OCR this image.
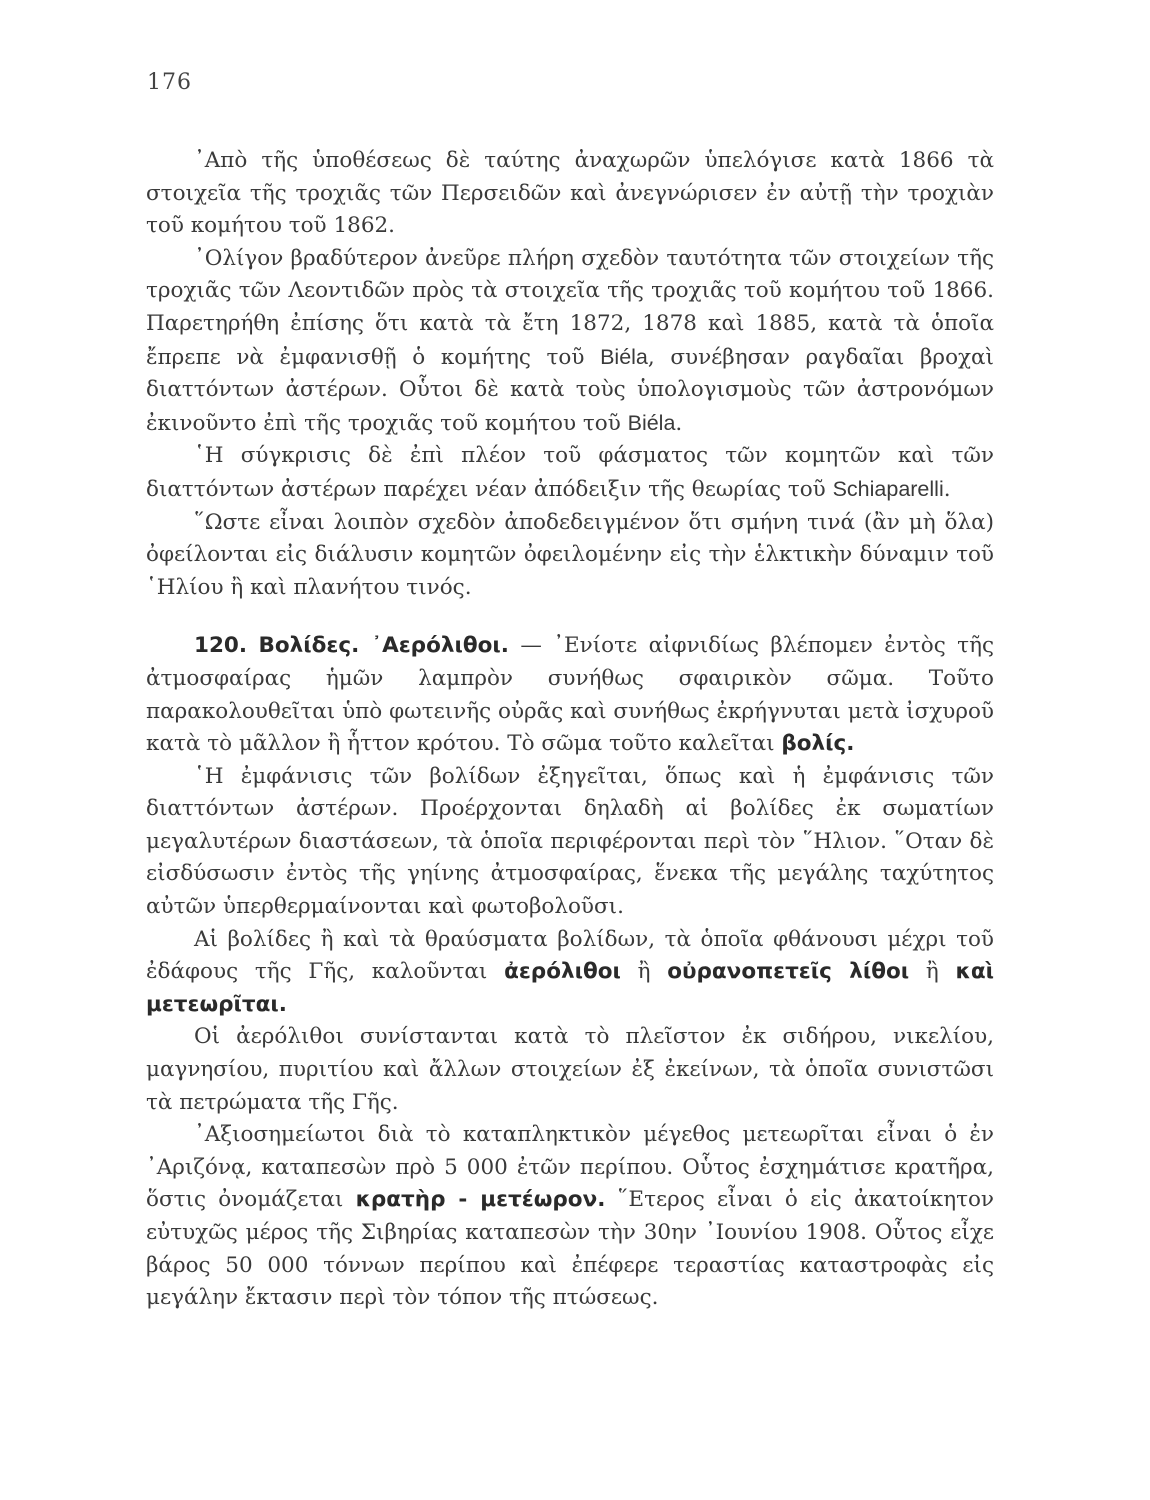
176

᾿Απὸ τῆς ὑποθέσεως δὲ ταύτης ἀναχωρῶν ὑπελόγισε κατὰ 1866 τὰ στοιχεῖα τῆς τροχιᾶς τῶν Περσειδῶν καὶ ἀνεγνώρισεν ἐν αὐτῇ τὴν τροχιὰν τοῦ κομήτου τοῦ 1862.

᾿Ολίγον βραδύτερον ἀνεῦρε πλήρη σχεδὸν ταυτότητα τῶν στοιχείων τῆς τροχιᾶς τῶν Λεοντιδῶν πρὸς τὰ στοιχεῖα τῆς τροχιᾶς τοῦ κομήτου τοῦ 1866. Παρετηρήθη ἐπίσης ὅτι κατὰ τὰ ἔτη 1872, 1878 καὶ 1885, κατὰ τὰ ὁποῖα ἔπρεπε νὰ ἐμφανισθῇ ὁ κομήτης τοῦ Biéla, συνέβησαν ραγδαῖαι βροχαὶ διαττόντων ἀστέρων. Οὗτοι δὲ κατὰ τοὺς ὑπολογισμοὺς τῶν ἀστρονόμων ἐκινοῦντο ἐπὶ τῆς τροχιᾶς τοῦ κομήτου τοῦ Biéla.

῾Η σύγκρισις δὲ ἐπὶ πλέον τοῦ φάσματος τῶν κομητῶν καὶ τῶν διαττόντων ἀστέρων παρέχει νέαν ἀπόδειξιν τῆς θεωρίας τοῦ Schiaparelli.

῞Ωστε εἶναι λοιπὸν σχεδὸν ἀποδεδειγμένον ὅτι σμήνη τινά (ἂν μὴ ὅλα) ὀφείλονται εἰς διάλυσιν κομητῶν ὀφειλομένην εἰς τὴν ἑλκτικὴν δύναμιν τοῦ ῾Ηλίου ἢ καὶ πλανήτου τινός.

120. Βολίδες. ᾿Αερόλιθοι. — ᾿Ενίοτε αἰφνιδίως βλέπομεν ἐντὸς τῆς ἀτμοσφαίρας ἡμῶν λαμπρὸν συνήθως σφαιρικὸν σῶμα. Τοῦτο παρακολουθεῖται ὑπὸ φωτεινῆς οὐρᾶς καὶ συνήθως ἐκρήγνυται μετὰ ἰσχυροῦ κατὰ τὸ μᾶλλον ἢ ἧττον κρότου. Τὸ σῶμα τοῦτο καλεῖται βολίς.

῾Η ἐμφάνισις τῶν βολίδων ἐξηγεῖται, ὅπως καὶ ἡ ἐμφάνισις τῶν διαττόντων ἀστέρων. Προέρχονται δηλαδὴ αἱ βολίδες ἐκ σωματίων μεγαλυτέρων διαστάσεων, τὰ ὁποῖα περιφέρονται περὶ τὸν ῞Ηλιον. ῞Οταν δὲ εἰσδύσωσιν ἐντὸς τῆς γηίνης ἀτμοσφαίρας, ἕνεκα τῆς μεγάλης ταχύτητος αὐτῶν ὑπερθερμαίνονται καὶ φωτοβολοῦσι.

Αἱ βολίδες ἢ καὶ τὰ θραύσματα βολίδων, τὰ ὁποῖα φθάνουσι μέχρι τοῦ ἐδάφους τῆς Γῆς, καλοῦνται ἀερόλιθοι ἢ οὐρανοπετεῖς λίθοι ἢ καὶ μετεωρῖται.

Οἱ ἀερόλιθοι συνίστανται κατὰ τὸ πλεῖστον ἐκ σιδήρου, νικελίου, μαγνησίου, πυριτίου καὶ ἄλλων στοιχείων ἐξ ἐκείνων, τὰ ὁποῖα συνιστῶσι τὰ πετρώματα τῆς Γῆς.

᾿Αξιοσημείωτοι διὰ τὸ καταπληκτικὸν μέγεθος μετεωρῖται εἶναι ὁ ἐν ᾿Αριζόνᾳ, καταπεσὼν πρὸ 5 000 ἐτῶν περίπου. Οὗτος ἐσχημάτισε κρατῆρα, ὅστις ὀνομάζεται κρατὴρ - μετέωρον. ῞Ετερος εἶναι ὁ εἰς ἀκατοίκητον εὐτυχῶς μέρος τῆς Σιβηρίας καταπεσὼν τὴν 30ην ᾿Ιουνίου 1908. Οὗτος εἶχε βάρος 50 000 τόννων περίπου καὶ ἐπέφερε τεραστίας καταστροφὰς εἰς μεγάλην ἔκτασιν περὶ τὸν τόπον τῆς πτώσεως.
